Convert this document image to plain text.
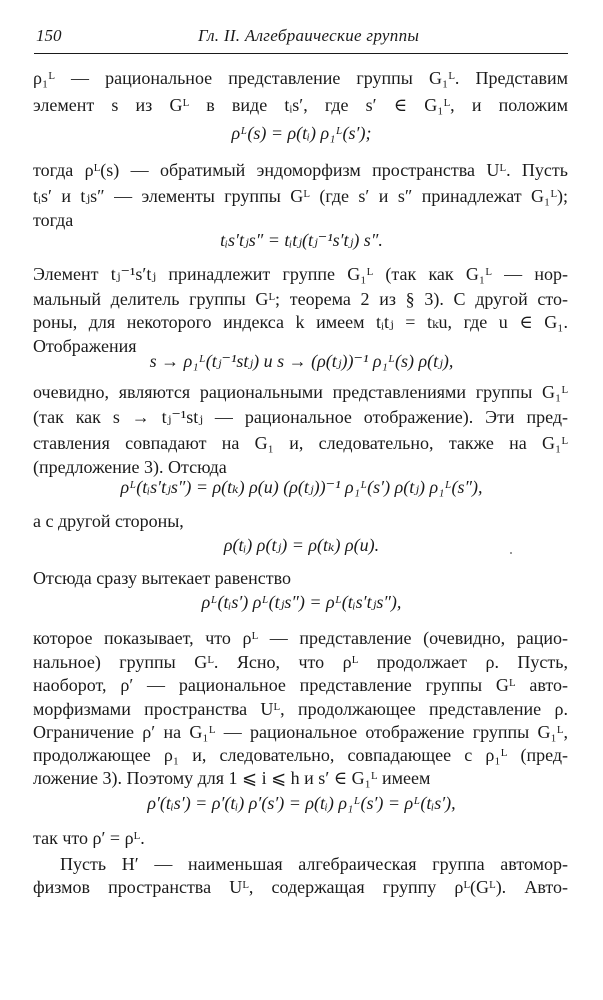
150	Гл. II. Алгебраические группы
ρ₁ᴸ — рациональное представление группы G₁ᴸ. Представим
элемент s из Gᴸ в виде tᵢs′, где s′ ∈ G₁ᴸ, и положим
ρᴸ(s) = ρ(tᵢ) ρ₁ᴸ(s′);
тогда ρᴸ(s) — обратимый эндоморфизм пространства Uᴸ. Пусть
tᵢs′ и tⱼs″ — элементы группы Gᴸ (где s′ и s″ принадлежат G₁ᴸ);
тогда
tᵢs′tⱼs″ = tᵢtⱼ(tⱼ⁻¹s′tⱼ) s″.
Элемент tⱼ⁻¹s′tⱼ принадлежит группе G₁ᴸ (так как G₁ᴸ — нор-
мальный делитель группы Gᴸ; теорема 2 из § 3). С другой сто-
роны, для некоторого индекса k имеем tᵢtⱼ = tₖu, где u ∈ G₁.
Отображения
s → ρ₁ᴸ(tⱼ⁻¹stⱼ) и s → (ρ(tⱼ))⁻¹ ρ₁ᴸ(s) ρ(tⱼ),
очевидно, являются рациональными представлениями группы G₁ᴸ
(так как s → tⱼ⁻¹stⱼ — рациональное отображение). Эти пред-
ставления совпадают на G₁ и, следовательно, также на G₁ᴸ
(предложение 3). Отсюда
ρᴸ(tᵢs′tⱼs″) = ρ(tₖ) ρ(u) (ρ(tⱼ))⁻¹ ρ₁ᴸ(s′) ρ(tⱼ) ρ₁ᴸ(s″),
а с другой стороны,
ρ(tᵢ) ρ(tⱼ) = ρ(tₖ) ρ(u).
Отсюда сразу вытекает равенство
ρᴸ(tᵢs′) ρᴸ(tⱼs″) = ρᴸ(tᵢs′tⱼs″),
которое показывает, что ρᴸ — представление (очевидно, рацио-
нальное) группы Gᴸ. Ясно, что ρᴸ продолжает ρ. Пусть,
наоборот, ρ′ — рациональное представление группы Gᴸ авто-
морфизмами пространства Uᴸ, продолжающее представление ρ.
Ограничение ρ′ на G₁ᴸ — рациональное отображение группы G₁ᴸ,
продолжающее ρ₁ и, следовательно, совпадающее с ρ₁ᴸ (пред-
ложение 3). Поэтому для 1 ⩽ i ⩽ h и s′ ∈ G₁ᴸ имеем
ρ′(tᵢs′) = ρ′(tᵢ) ρ′(s′) = ρ(tᵢ) ρ₁ᴸ(s′) = ρᴸ(tᵢs′),
так что ρ′ = ρᴸ.
Пусть H′ — наименьшая алгебраическая группа автомор-
физмов пространства Uᴸ, содержащая группу ρᴸ(Gᴸ). Авто-
